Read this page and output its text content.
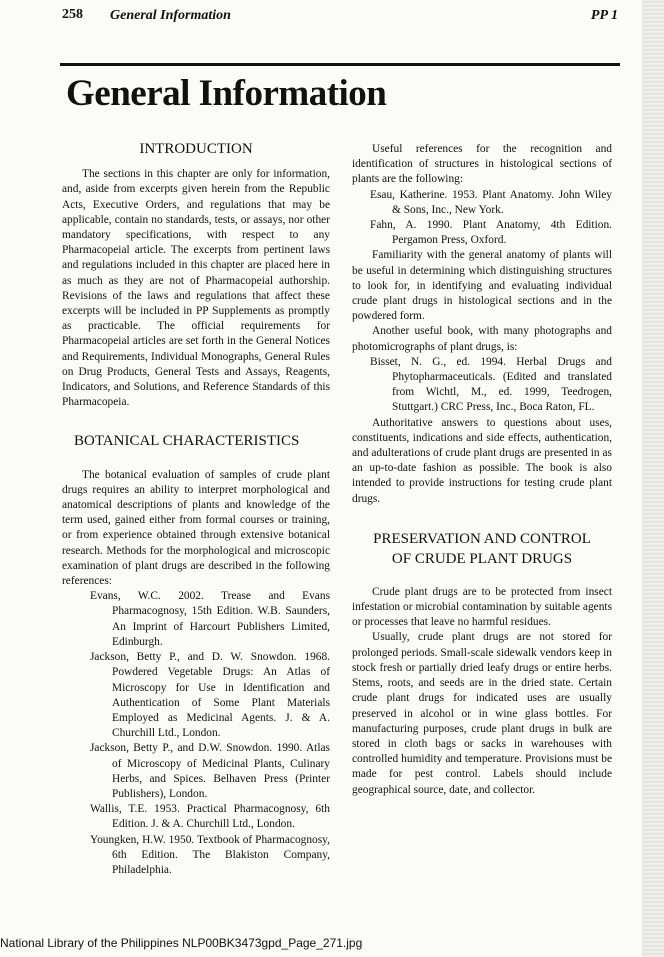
258 General Information	PP 1
General Information
INTRODUCTION

The sections in this chapter are only for information, and, aside from excerpts given herein from the Republic Acts, Executive Orders, and regulations that may be applicable, contain no standards, tests, or assays, nor other mandatory specifications, with respect to any Pharmacopeial article. The excerpts from pertinent laws and regulations included in this chapter are placed here in as much as they are not of Pharmacopeial authorship. Revisions of the laws and regulations that affect these excerpts will be included in PP Supplements as promptly as practicable. The official requirements for Pharmacopeial articles are set forth in the General Notices and Requirements, Individual Monographs, General Rules on Drug Products, General Tests and Assays, Reagents, Indicators, and Solutions, and Reference Standards of this Pharmacopeia.

BOTANICAL CHARACTERISTICS

The botanical evaluation of samples of crude plant drugs requires an ability to interpret morphological and anatomical descriptions of plants and knowledge of the term used, gained either from formal courses or training, or from experience obtained through extensive botanical research. Methods for the morphological and microscopic examination of plant drugs are described in the following references:

Evans, W.C. 2002. Trease and Evans Pharmacognosy, 15th Edition. W.B. Saunders, An Imprint of Harcourt Publishers Limited, Edinburgh.
Jackson, Betty P., and D. W. Snowdon. 1968. Powdered Vegetable Drugs: An Atlas of Microscopy for Use in Identification and Authentication of Some Plant Materials Employed as Medicinal Agents. J. & A. Churchill Ltd., London.
Jackson, Betty P., and D.W. Snowdon. 1990. Atlas of Microscopy of Medicinal Plants, Culinary Herbs, and Spices. Belhaven Press (Printer Publishers), London.
Wallis, T.E. 1953. Practical Pharmacognosy, 6th Edition. J. & A. Churchill Ltd., London.
Youngken, H.W. 1950. Textbook of Pharmacognosy, 6th Edition. The Blakiston Company, Philadelphia.

Useful references for the recognition and identification of structures in histological sections of plants are the following:

Esau, Katherine. 1953. Plant Anatomy. John Wiley & Sons, Inc., New York.
Fahn, A. 1990. Plant Anatomy, 4th Edition. Pergamon Press, Oxford.

Familiarity with the general anatomy of plants will be useful in determining which distinguishing structures to look for, in identifying and evaluating individual crude plant drugs in histological sections and in the powdered form.

Another useful book, with many photographs and photomicrographs of plant drugs, is:

Bisset, N. G., ed. 1994. Herbal Drugs and Phytopharmaceuticals. (Edited and translated from Wichtl, M., ed. 1999, Teedrogen, Stuttgart.) CRC Press, Inc., Boca Raton, FL.

Authoritative answers to questions about uses, constituents, indications and side effects, authentication, and adulterations of crude plant drugs are presented in as an up-to-date fashion as possible. The book is also intended to provide instructions for testing crude plant drugs.

PRESERVATION AND CONTROL
OF CRUDE PLANT DRUGS

Crude plant drugs are to be protected from insect infestation or microbial contamination by suitable agents or processes that leave no harmful residues.

Usually, crude plant drugs are not stored for prolonged periods. Small-scale sidewalk vendors keep in stock fresh or partially dried leafy drugs or entire herbs. Stems, roots, and seeds are in the dried state. Certain crude plant drugs for indicated uses are usually preserved in alcohol or in wine glass bottles. For manufacturing purposes, crude plant drugs in bulk are stored in cloth bags or sacks in warehouses with controlled humidity and temperature. Provisions must be made for pest control. Labels should include geographical source, date, and collector.

National Library of the Philippines NLP00BK3473gpd_Page_271.jpg
